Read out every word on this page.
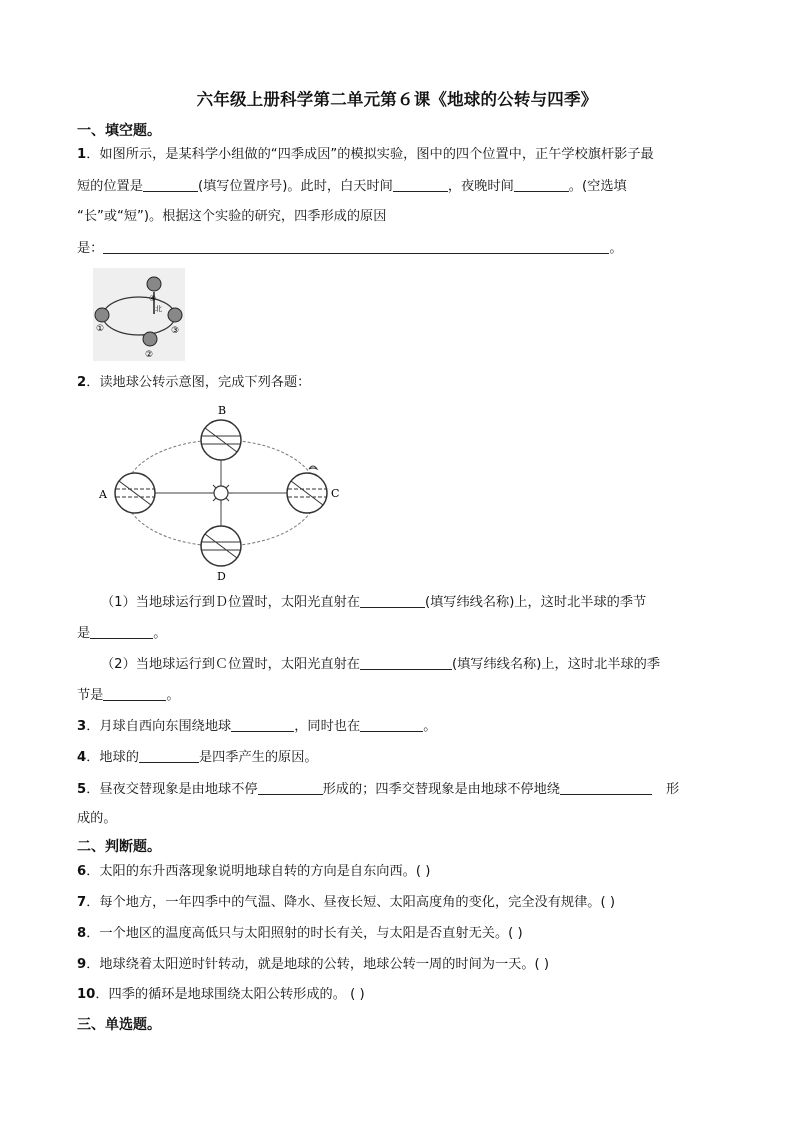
六年级上册科学第二单元第６课《地球的公转与四季》
一、填空题。
1．如图所示，是某科学小组做的“四季成因”的模拟实验，图中的四个位置中，正午学校旗杆影子最
短的位置是	(填写位置序号)。此时，白天时间	，夜晚时间	。(空选填
“长”或“短”)。根据这个实验的研究，四季形成的原因
是：	。
①
②
③
④
北
2．读地球公转示意图，完成下列各题：
A
B
C
D
（1）当地球运行到Ｄ位置时，太阳光直射在	(填写纬线名称)上，这时北半球的季节
是	。
（2）当地球运行到Ｃ位置时，太阳光直射在	(填写纬线名称)上，这时北半球的季
节是	。
3．月球自西向东围绕地球	，同时也在	。
4．地球的	是四季产生的原因。
5．昼夜交替现象是由地球不停	形成的；四季交替现象是由地球不停地绕	形
成的。
二、判断题。
6．太阳的东升西落现象说明地球自转的方向是自东向西。( )
7．每个地方，一年四季中的气温、降水、昼夜长短、太阳高度角的变化，完全没有规律。( )
8．一个地区的温度高低只与太阳照射的时长有关，与太阳是否直射无关。( )
9．地球绕着太阳逆时针转动，就是地球的公转，地球公转一周的时间为一天。( )
10．四季的循环是地球围绕太阳公转形成的。 ( )
三、单选题。
